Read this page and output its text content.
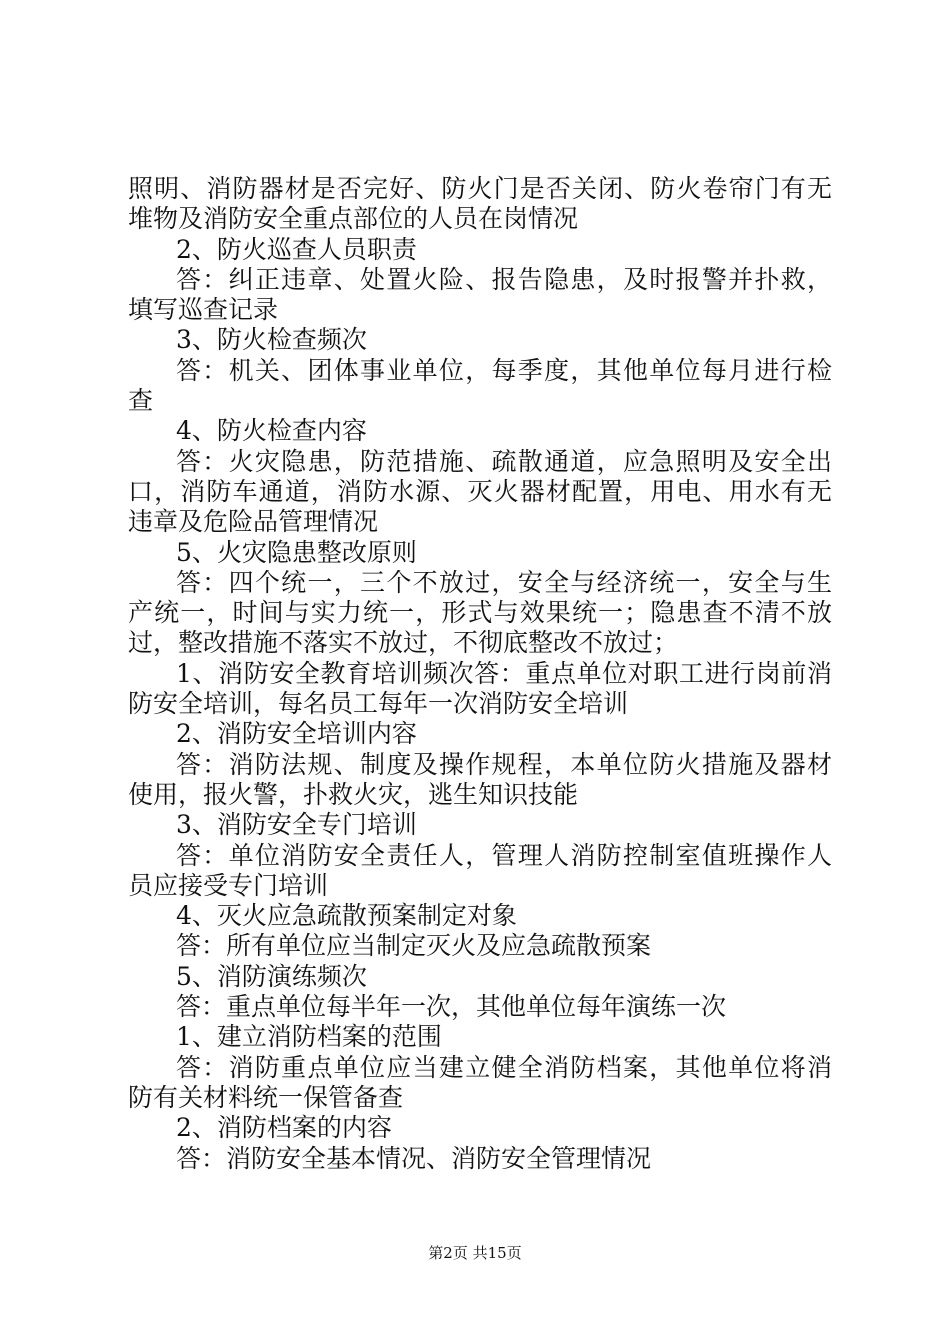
照明、消防器材是否完好、防火门是否关闭、防火卷帘门有无
堆物及消防安全重点部位的人员在岗情况
2、防火巡查人员职责
答：纠正违章、处置火险、报告隐患，及时报警并扑救，
填写巡查记录
3、防火检查频次
答：机关、团体事业单位，每季度，其他单位每月进行检
查
4、防火检查内容
答：火灾隐患，防范措施、疏散通道，应急照明及安全出
口，消防车通道，消防水源、灭火器材配置，用电、用水有无
违章及危险品管理情况
5、火灾隐患整改原则
答：四个统一，三个不放过，安全与经济统一，安全与生
产统一，时间与实力统一，形式与效果统一；隐患查不清不放
过，整改措施不落实不放过，不彻底整改不放过；
1、消防安全教育培训频次答：重点单位对职工进行岗前消
防安全培训，每名员工每年一次消防安全培训
2、消防安全培训内容
答：消防法规、制度及操作规程，本单位防火措施及器材
使用，报火警，扑救火灾，逃生知识技能
3、消防安全专门培训
答：单位消防安全责任人，管理人消防控制室值班操作人
员应接受专门培训
4、灭火应急疏散预案制定对象
答：所有单位应当制定灭火及应急疏散预案
5、消防演练频次
答：重点单位每半年一次，其他单位每年演练一次
1、建立消防档案的范围
答：消防重点单位应当建立健全消防档案，其他单位将消
防有关材料统一保管备查
2、消防档案的内容
答：消防安全基本情况、消防安全管理情况
第2页 共15页
